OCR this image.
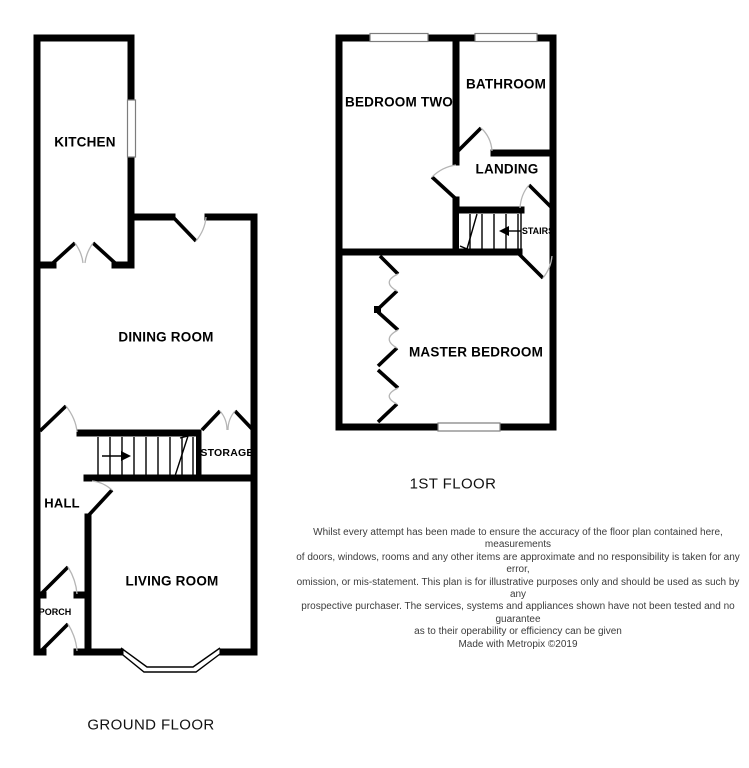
KITCHEN
DINING ROOM
HALL
STORAGE
LIVING ROOM
PORCH
GROUND FLOOR
BEDROOM TWO
BATHROOM
LANDING
STAIRS
MASTER BEDROOM
1ST FLOOR
Whilst every attempt has been made to ensure the accuracy of the floor plan contained here, measurements
of doors, windows, rooms and any other items are approximate and no responsibility is taken for any error,
omission, or mis-statement. This plan is for illustrative purposes only and should be used as such by any
prospective purchaser. The services, systems and appliances shown have not been tested and no guarantee
as to their operability or efficiency can be given
Made with Metropix ©2019
